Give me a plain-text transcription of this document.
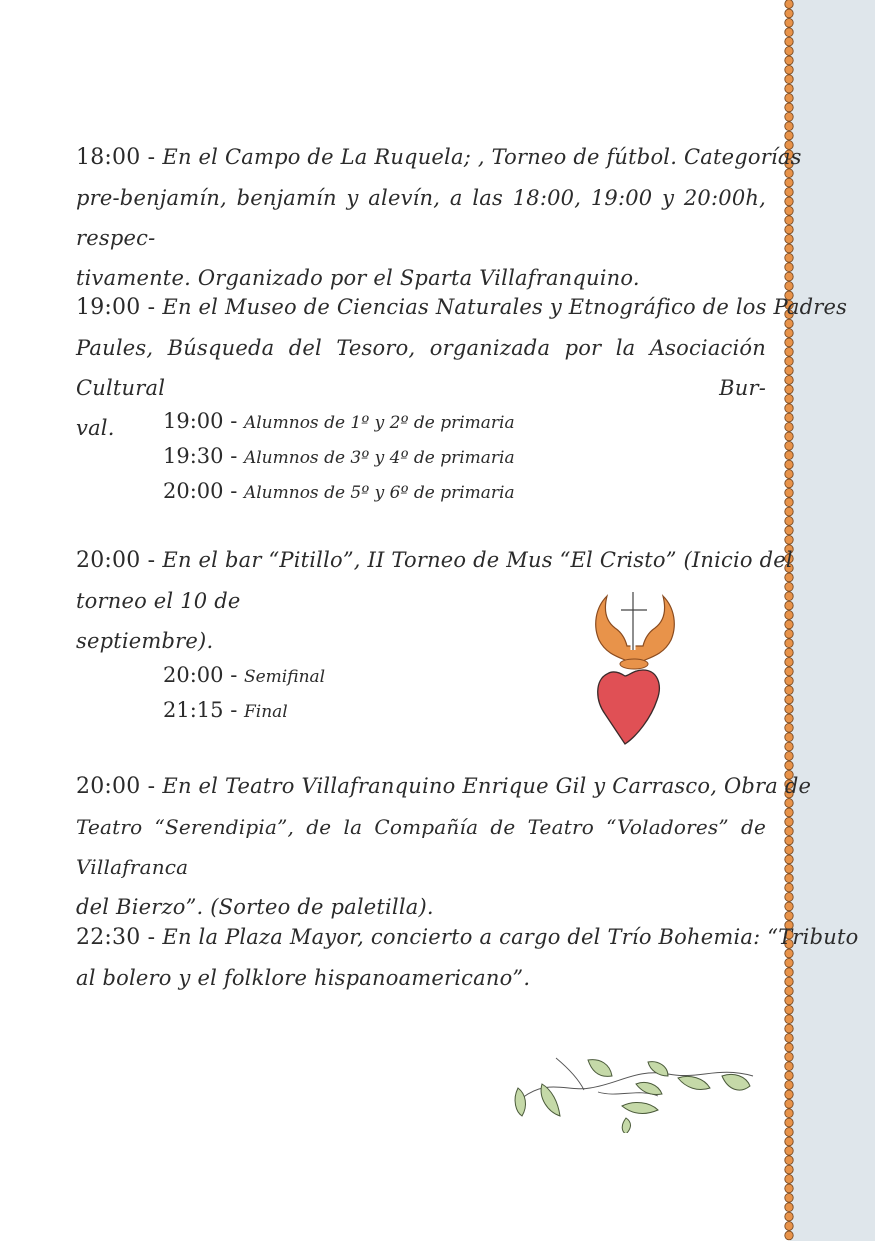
18:00 - En el Campo de La Ruquela; , Torneo de fútbol. Categorías
pre-benjamín, benjamín y alevín, a las 18:00, 19:00 y 20:00h, respec-
tivamente. Organizado por el Sparta Villafranquino.
19:00 - En el Museo de Ciencias Naturales y Etnográfico de los Padres
Paules, Búsqueda del Tesoro, organizada por la Asociación Cultural Bur-
val.	19:00 - Alumnos de 1º y 2º de primaria
19:30 - Alumnos de 3º y 4º de primaria
20:00 - Alumnos de 5º y 6º de primaria
20:00 - En el bar “Pitillo”, II Torneo de Mus “El Cristo” (Inicio del
torneo el 10 de
septiembre).
20:00 - Semifinal
21:15 - Final
20:00 - En el Teatro Villafranquino Enrique Gil y Carrasco, Obra de
Teatro “Serendipia”, de la Compañía de Teatro “Voladores” de Villafranca
del Bierzo”. (Sorteo de paletilla).
22:30 - En la Plaza Mayor, concierto a cargo del Trío Bohemia: “Tributo
al bolero y el folklore hispanoamericano”.
